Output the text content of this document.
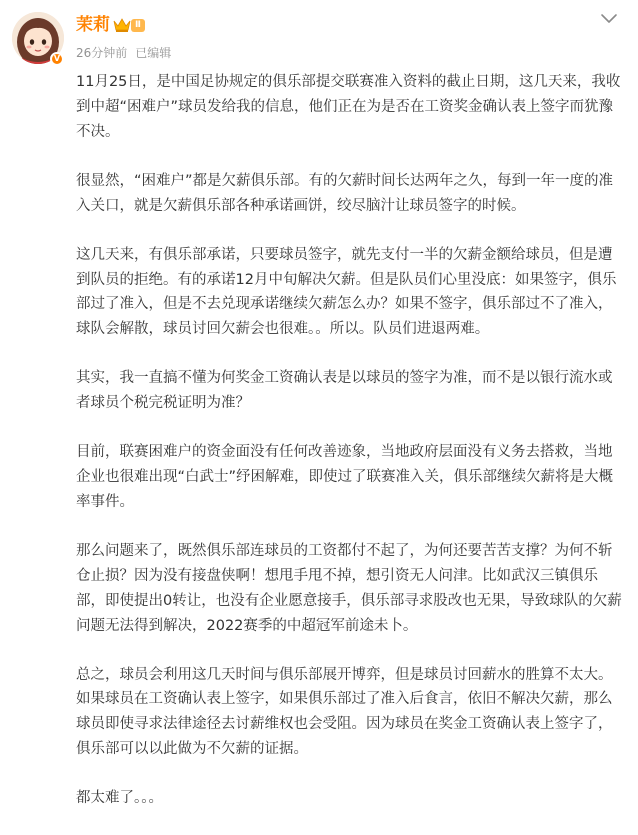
V
茉莉	Ⅱ
26分钟前 已编辑

11月25日，是中国足协规定的俱乐部提交联赛准入资料的截止日期，这几天来，我收到中超“困难户”球员发给我的信息，他们正在为是否在工资奖金确认表上签字而犹豫不决。

很显然，“困难户”都是欠薪俱乐部。有的欠薪时间长达两年之久，每到一年一度的准入关口，就是欠薪俱乐部各种承诺画饼，绞尽脑汁让球员签字的时候。

这几天来，有俱乐部承诺，只要球员签字，就先支付一半的欠薪金额给球员，但是遭到队员的拒绝。有的承诺12月中旬解决欠薪。但是队员们心里没底：如果签字，俱乐部过了准入，但是不去兑现承诺继续欠薪怎么办？如果不签字，俱乐部过不了准入，球队会解散，球员讨回欠薪会也很难。。所以。队员们进退两难。

其实，我一直搞不懂为何奖金工资确认表是以球员的签字为准，而不是以银行流水或者球员个税完税证明为准？

目前，联赛困难户的资金面没有任何改善迹象，当地政府层面没有义务去搭救，当地企业也很难出现“白武士”纾困解难，即使过了联赛准入关，俱乐部继续欠薪将是大概率事件。

那么问题来了，既然俱乐部连球员的工资都付不起了，为何还要苦苦支撑？为何不斩仓止损？因为没有接盘侠啊！想甩手甩不掉，想引资无人问津。比如武汉三镇俱乐部，即使提出0转让，也没有企业愿意接手，俱乐部寻求股改也无果，导致球队的欠薪问题无法得到解决，2022赛季的中超冠军前途未卜。

总之，球员会利用这几天时间与俱乐部展开博弈，但是球员讨回薪水的胜算不太大。如果球员在工资确认表上签字，如果俱乐部过了准入后食言，依旧不解决欠薪，那么球员即使寻求法律途径去讨薪维权也会受阻。因为球员在奖金工资确认表上签字了，俱乐部可以以此做为不欠薪的证据。

都太难了。。。
